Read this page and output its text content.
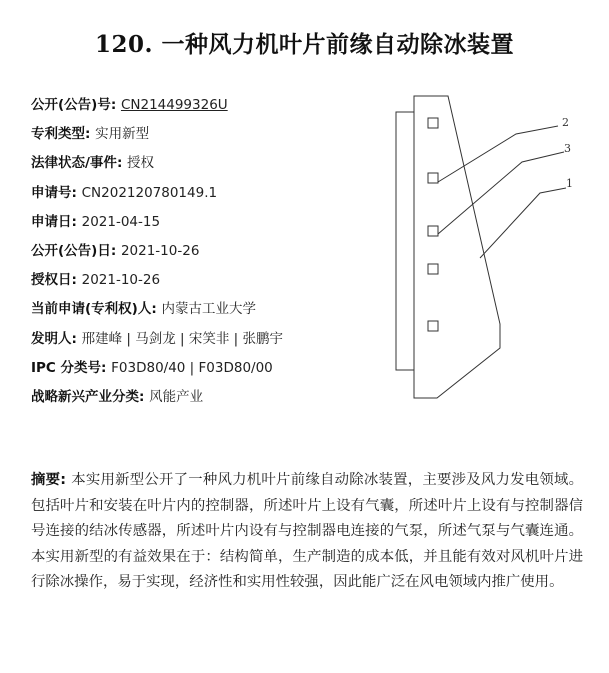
120. 一种风力机叶片前缘自动除冰装置
公开(公告)号: CN214499326U
专利类型: 实用新型
法律状态/事件: 授权
申请号: CN202120780149.1
申请日: 2021-04-15
公开(公告)日: 2021-10-26
授权日: 2021-10-26
当前申请(专利权)人: 内蒙古工业大学
发明人: 邢建峰 | 马剑龙 | 宋笑非 | 张鹏宇
IPC 分类号: F03D80/40 | F03D80/00
战略新兴产业分类: 风能产业
2
3
1
摘要: 本实用新型公开了一种风力机叶片前缘自动除冰装置，主要涉及风力发电领域。包括叶片和安装在叶片内的控制器，所述叶片上设有气囊，所述叶片上设有与控制器信号连接的结冰传感器，所述叶片内设有与控制器电连接的气泵，所述气泵与气囊连通。本实用新型的有益效果在于：结构简单，生产制造的成本低，并且能有效对风机叶片进行除冰操作，易于实现，经济性和实用性较强，因此能广泛在风电领域内推广使用。
